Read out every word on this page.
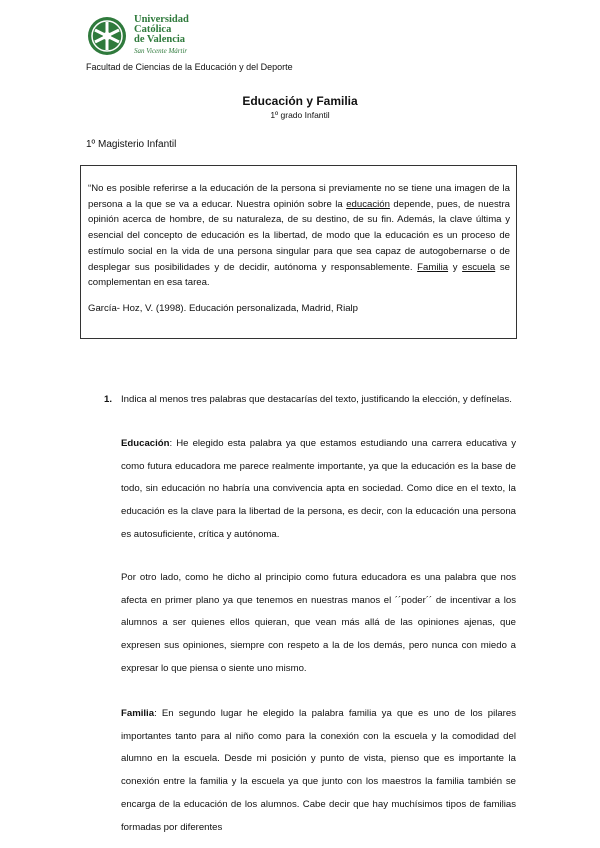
Universidad
Católica
de Valencia
San Vicente Mártir
Facultad de Ciencias de la Educación y del Deporte
Educación y Familia
1º grado Infantil
1º Magisterio Infantil

“No es posible referirse a la educación de la persona si previamente no se tiene una imagen de la persona a la que se va a educar. Nuestra opinión sobre la educación depende, pues, de nuestra opinión acerca de hombre, de su naturaleza, de su destino, de su fin. Además, la clave última y esencial del concepto de educación es la libertad, de modo que la educación es un proceso de estímulo social en la vida de una persona singular para que sea capaz de autogobernarse o de desplegar sus posibilidades y de decidir, autónoma y responsablemente. Familia y escuela se complementan en esa tarea.

García- Hoz, V. (1998). Educación personalizada, Madrid, Rialp
1. Indica al menos tres palabras que destacarías del texto, justificando la elección, y defínelas.

Educación: He elegido esta palabra ya que estamos estudiando una carrera educativa y como futura educadora me parece realmente importante, ya que la educación es la base de todo, sin educación no habría una convivencia apta en sociedad. Como dice en el texto, la educación es la clave para la libertad de la persona, es decir, con la educación una persona es autosuficiente, crítica y autónoma.

Por otro lado, como he dicho al principio como futura educadora es una palabra que nos afecta en primer plano ya que tenemos en nuestras manos el ´´poder´´ de incentivar a los alumnos a ser quienes ellos quieran, que vean más allá de las opiniones ajenas, que expresen sus opiniones, siempre con respeto a la de los demás, pero nunca con miedo a expresar lo que piensa o siente uno mismo.

Familia: En segundo lugar he elegido la palabra familia ya que es uno de los pilares importantes tanto para al niño como para la conexión con la escuela y la comodidad del alumno en la escuela. Desde mi posición y punto de vista, pienso que es importante la conexión entre la familia y la escuela ya que junto con los maestros la familia también se encarga de la educación de los alumnos. Cabe decir que hay muchísimos tipos de familias formadas por diferentes
